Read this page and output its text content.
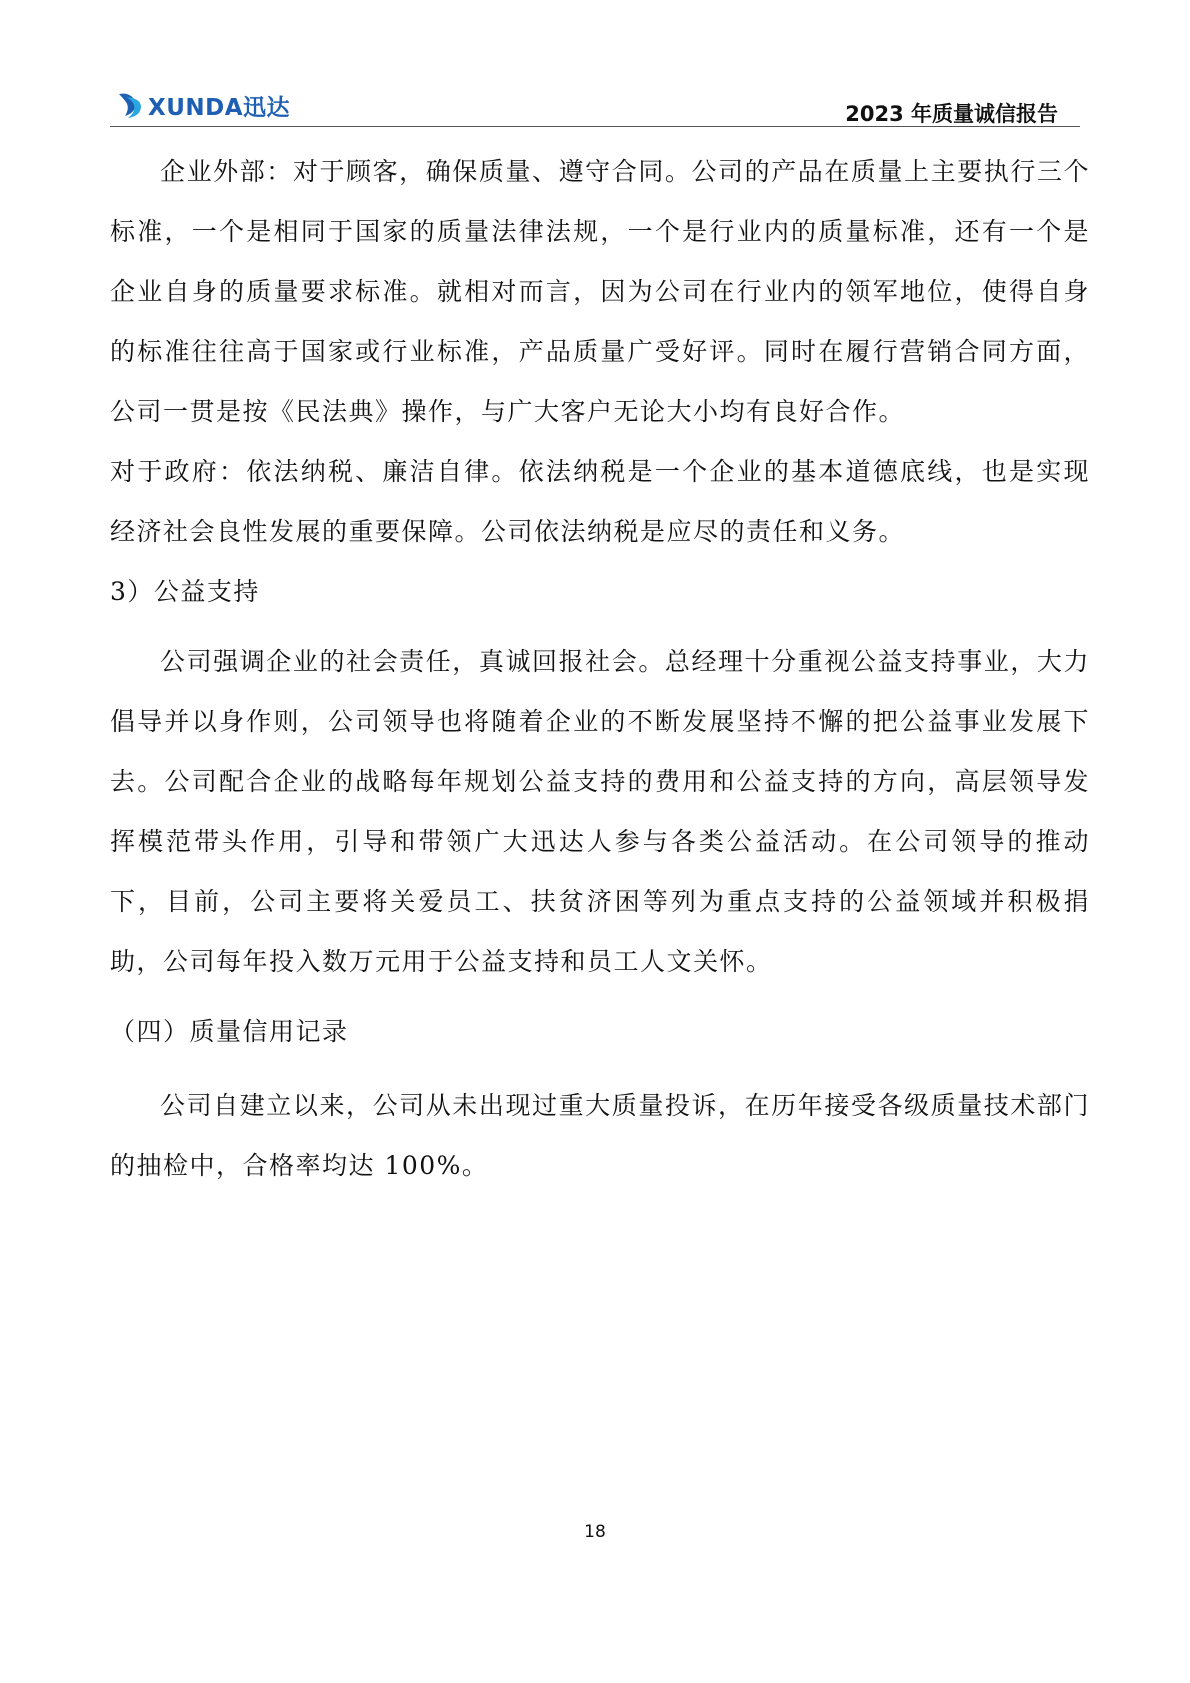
XUNDA迅达	2023 年质量诚信报告

企业外部：对于顾客，确保质量、遵守合同。公司的产品在质量上主要执行三个标准，一个是相同于国家的质量法律法规，一个是行业内的质量标准，还有一个是企业自身的质量要求标准。就相对而言，因为公司在行业内的领军地位，使得自身的标准往往高于国家或行业标准，产品质量广受好评。同时在履行营销合同方面，公司一贯是按《民法典》操作，与广大客户无论大小均有良好合作。

对于政府：依法纳税、廉洁自律。依法纳税是一个企业的基本道德底线，也是实现经济社会良性发展的重要保障。公司依法纳税是应尽的责任和义务。

3）公益支持

公司强调企业的社会责任，真诚回报社会。总经理十分重视公益支持事业，大力倡导并以身作则，公司领导也将随着企业的不断发展坚持不懈的把公益事业发展下去。公司配合企业的战略每年规划公益支持的费用和公益支持的方向，高层领导发挥模范带头作用，引导和带领广大迅达人参与各类公益活动。在公司领导的推动下，目前，公司主要将关爱员工、扶贫济困等列为重点支持的公益领域并积极捐助，公司每年投入数万元用于公益支持和员工人文关怀。

（四）质量信用记录

公司自建立以来，公司从未出现过重大质量投诉，在历年接受各级质量技术部门的抽检中，合格率均达 100%。

18
